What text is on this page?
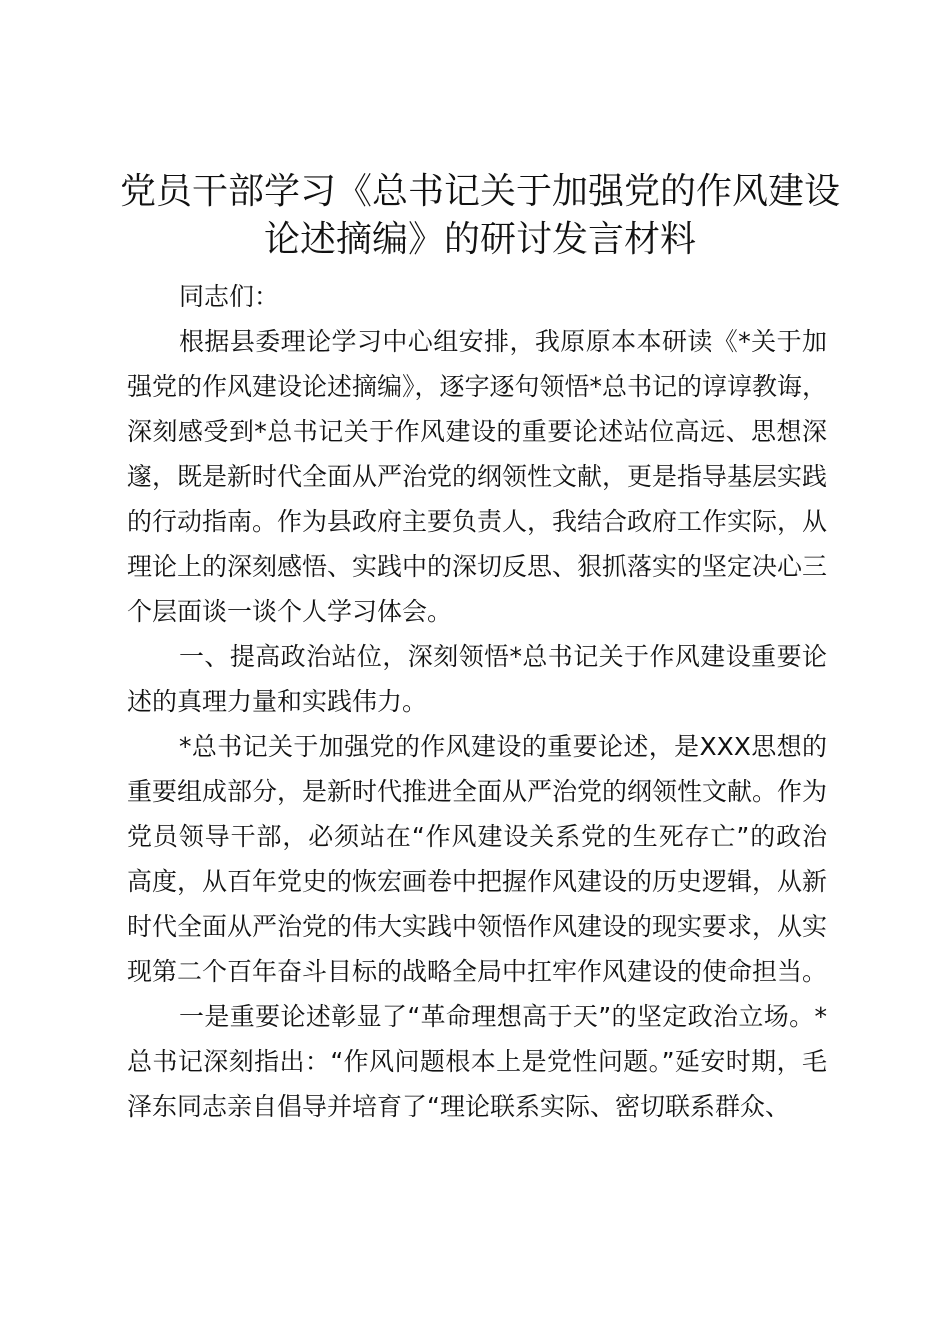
党员干部学习《总书记关于加强党的作风建设
论述摘编》的研讨发言材料

同志们：

根据县委理论学习中心组安排，我原原本本研读《*关于加强党的作风建设论述摘编》，逐字逐句领悟*总书记的谆谆教诲，深刻感受到*总书记关于作风建设的重要论述站位高远、思想深邃，既是新时代全面从严治党的纲领性文献，更是指导基层实践的行动指南。作为县政府主要负责人，我结合政府工作实际，从理论上的深刻感悟、实践中的深切反思、狠抓落实的坚定决心三个层面谈一谈个人学习体会。

一、提高政治站位，深刻领悟*总书记关于作风建设重要论述的真理力量和实践伟力。

*总书记关于加强党的作风建设的重要论述，是XXX思想的重要组成部分，是新时代推进全面从严治党的纲领性文献。作为党员领导干部，必须站在“作风建设关系党的生死存亡”的政治高度，从百年党史的恢宏画卷中把握作风建设的历史逻辑，从新时代全面从严治党的伟大实践中领悟作风建设的现实要求，从实现第二个百年奋斗目标的战略全局中扛牢作风建设的使命担当。

一是重要论述彰显了“革命理想高于天”的坚定政治立场。*总书记深刻指出：“作风问题根本上是党性问题。”延安时期，毛泽东同志亲自倡导并培育了“理论联系实际、密切联系群众、
